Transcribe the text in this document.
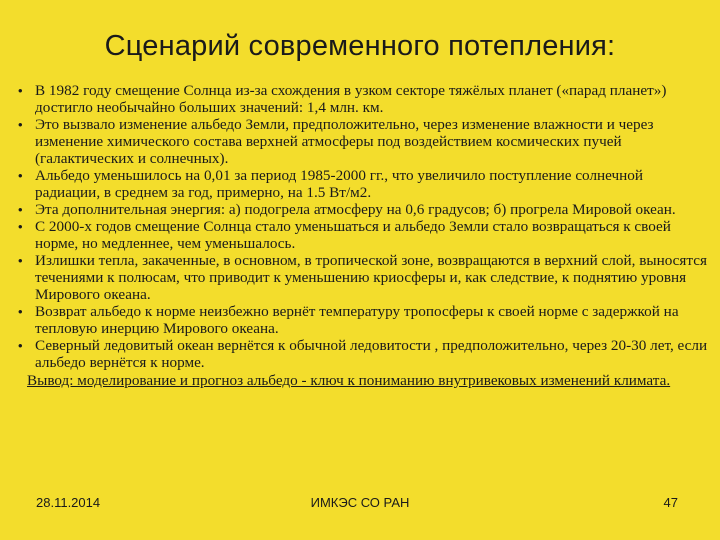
Сценарий современного потепления:
• В 1982 году смещение Солнца из-за схождения в узком секторе тяжёлых планет («парад планет») достигло необычайно больших значений: 1,4 млн. км.
• Это вызвало изменение альбедо Земли, предположительно, через изменение влажности и через изменение химического состава верхней атмосферы под воздействием космических пучей (галактических и солнечных).
• Альбедо уменьшилось на 0,01 за период 1985-2000 гг., что увеличило поступление солнечной радиации, в среднем за год, примерно, на 1.5 Вт/м2.
• Эта дополнительная энергия: а) подогрела атмосферу на 0,6 градусов; б) прогрела Мировой океан.
• С 2000-х годов смещение Солнца стало уменьшаться и альбедо Земли стало возвращаться к своей норме, но медленнее, чем уменьшалось.
• Излишки тепла, закаченные, в основном, в тропической зоне, возвращаются в верхний слой, выносятся течениями к полюсам, что приводит к уменьшению криосферы и, как следствие, к поднятию уровня Мирового океана.
• Возврат альбедо к норме неизбежно вернёт температуру тропосферы к своей норме с задержкой на тепловую инерцию Мирового океана.
• Северный ледовитый океан вернётся к обычной ледовитости , предположительно, через 20-30 лет, если альбедо вернётся к норме.
Вывод: моделирование и прогноз альбедо - ключ к пониманию внутривековых изменений климата.
28.11.2014	ИМКЭС СО РАН	47
